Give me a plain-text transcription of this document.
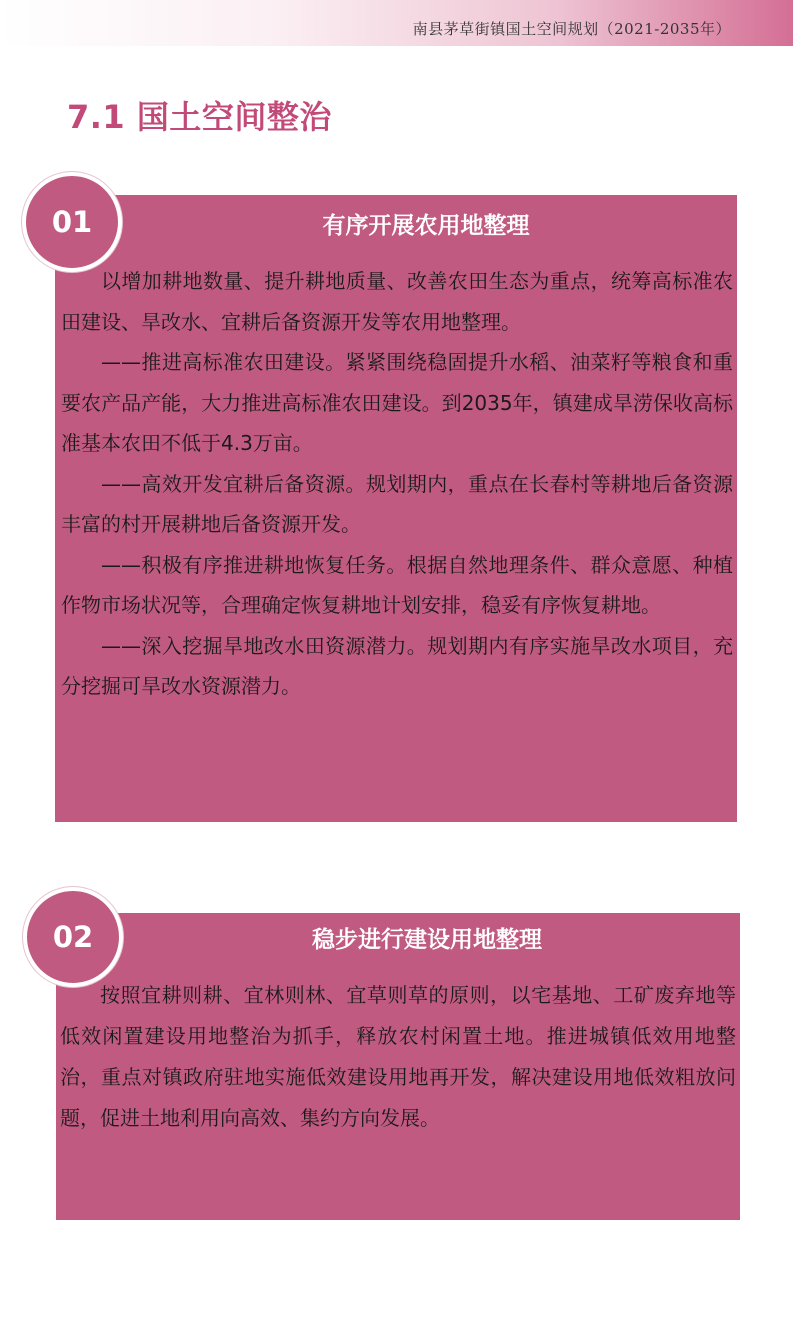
南县茅草街镇国土空间规划（2021-2035年）
7.1 国土空间整治
有序开展农用地整理

以增加耕地数量、提升耕地质量、改善农田生态为重点，统筹高标准农田建设、旱改水、宜耕后备资源开发等农用地整理。

——推进高标准农田建设。紧紧围绕稳固提升水稻、油菜籽等粮食和重要农产品产能，大力推进高标准农田建设。到2035年，镇建成旱涝保收高标准基本农田不低于4.3万亩。

——高效开发宜耕后备资源。规划期内，重点在长春村等耕地后备资源丰富的村开展耕地后备资源开发。

——积极有序推进耕地恢复任务。根据自然地理条件、群众意愿、种植作物市场状况等，合理确定恢复耕地计划安排，稳妥有序恢复耕地。

——深入挖掘旱地改水田资源潜力。规划期内有序实施旱改水项目，充分挖掘可旱改水资源潜力。

01
稳步进行建设用地整理

按照宜耕则耕、宜林则林、宜草则草的原则，以宅基地、工矿废弃地等低效闲置建设用地整治为抓手，释放农村闲置土地。推进城镇低效用地整治，重点对镇政府驻地实施低效建设用地再开发，解决建设用地低效粗放问题，促进土地利用向高效、集约方向发展。

02
